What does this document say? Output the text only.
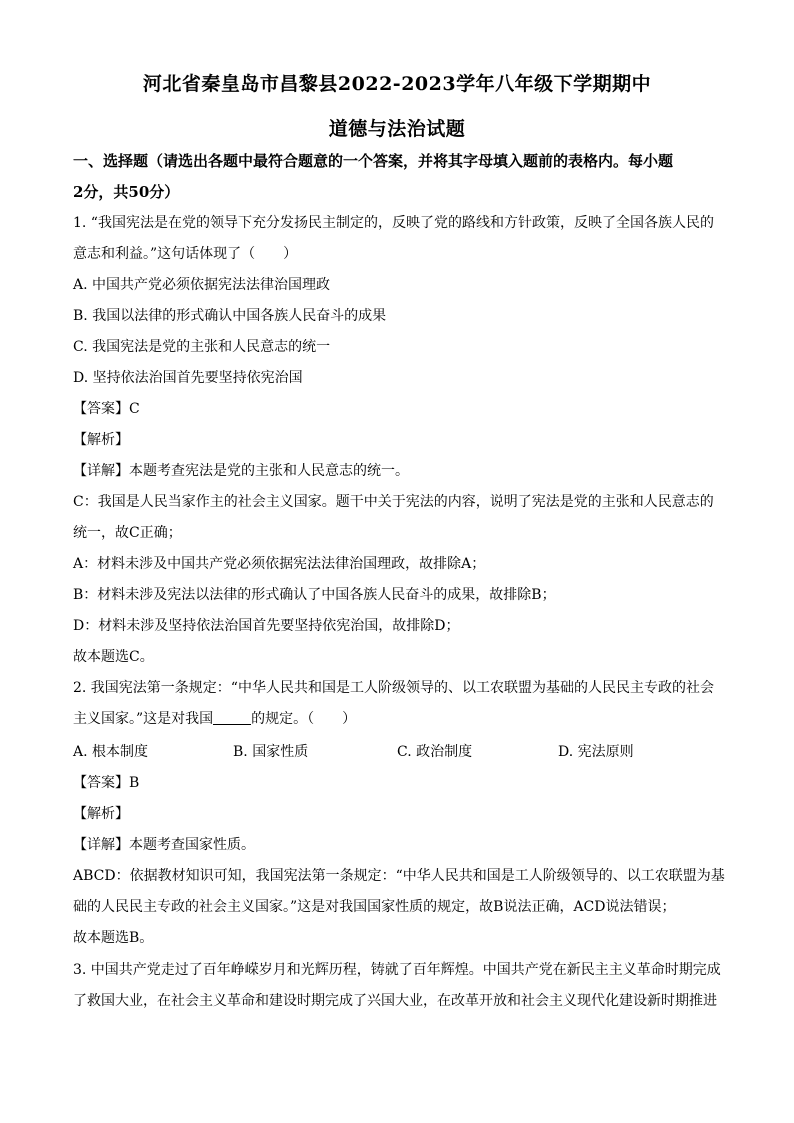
河北省秦皇岛市昌黎县2022-2023学年八年级下学期期中
道德与法治试题
一、选择题（请选出各题中最符合题意的一个答案，并将其字母填入题前的表格内。每小题
2分，共50分）
1. “我国宪法是在党的领导下充分发扬民主制定的，反映了党的路线和方针政策，反映了全国各族人民的
意志和利益。”这句话体现了（　　）
A. 中国共产党必须依据宪法法律治国理政
B. 我国以法律的形式确认中国各族人民奋斗的成果
C. 我国宪法是党的主张和人民意志的统一
D. 坚持依法治国首先要坚持依宪治国
【答案】C
【解析】
【详解】本题考查宪法是党的主张和人民意志的统一。
C：我国是人民当家作主的社会主义国家。题干中关于宪法的内容，说明了宪法是党的主张和人民意志的
统一，故C正确；
A：材料未涉及中国共产党必须依据宪法法律治国理政，故排除A；
B：材料未涉及宪法以法律的形式确认了中国各族人民奋斗的成果，故排除B；
D：材料未涉及坚持依法治国首先要坚持依宪治国，故排除D；
故本题选C。
2. 我国宪法第一条规定：“中华人民共和国是工人阶级领导的、以工农联盟为基础的人民民主专政的社会
主义国家。”这是对我国	的规定。（　　）
A. 根本制度	B. 国家性质	C. 政治制度	D. 宪法原则
【答案】B
【解析】
【详解】本题考查国家性质。
ABCD：依据教材知识可知，我国宪法第一条规定：“中华人民共和国是工人阶级领导的、以工农联盟为基
础的人民民主专政的社会主义国家。”这是对我国国家性质的规定，故B说法正确，ACD说法错误；
故本题选B。
3. 中国共产党走过了百年峥嵘岁月和光辉历程，铸就了百年辉煌。中国共产党在新民主主义革命时期完成
了救国大业，在社会主义革命和建设时期完成了兴国大业，在改革开放和社会主义现代化建设新时期推进
